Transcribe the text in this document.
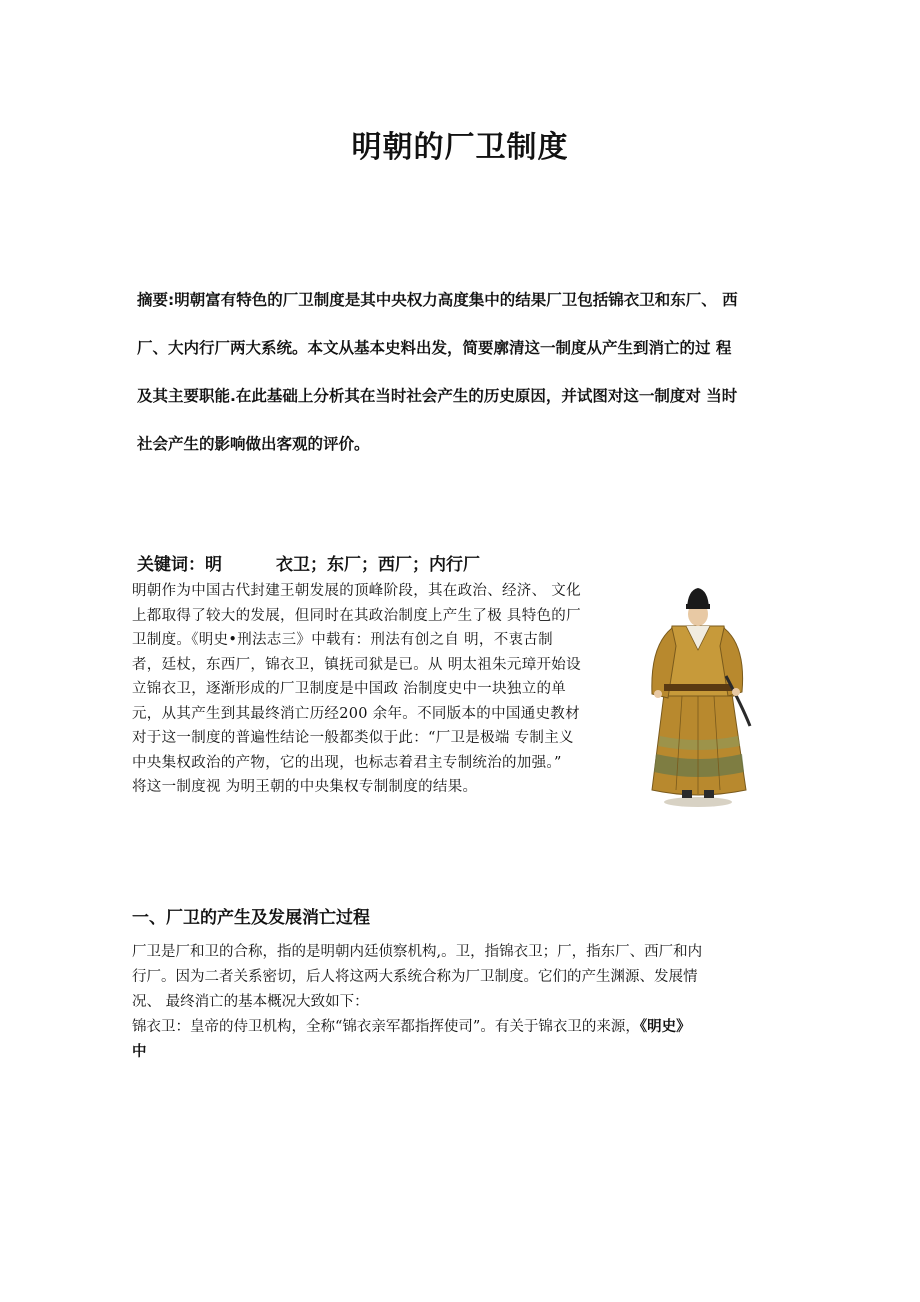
明朝的厂卫制度
摘要:明朝富有特色的厂卫制度是其中央权力高度集中的结果厂卫包括锦衣卫和东厂、 西
厂、大内行厂两大系统。本文从基本史料出发，简要廓清这一制度从产生到消亡的过 程
及其主要职能.在此基础上分析其在当时社会产生的历史原因，并试图对这一制度对 当时
社会产生的影响做出客观的评价。
关键词：明	衣卫；东厂；西厂；内行厂
明朝作为中国古代封建王朝发展的顶峰阶段，其在政治、经济、 文化
上都取得了较大的发展，但同时在其政治制度上产生了极 具特色的厂
卫制度。《明史•刑法志三》中载有：刑法有创之自 明，不衷古制
者，廷杖，东西厂，锦衣卫，镇抚司狱是已。从 明太祖朱元璋开始设
立锦衣卫，逐渐形成的厂卫制度是中国政 治制度史中一块独立的单
元，从其产生到其最终消亡历经200 余年。不同版本的中国通史教材
对于这一制度的普遍性结论一般都类似于此：“厂卫是极端 专制主义
中央集权政治的产物，它的出现，也标志着君主专制统治的加强。”
将这一制度视 为明王朝的中央集权专制制度的结果。
一、厂卫的产生及发展消亡过程
厂卫是厂和卫的合称，指的是明朝内廷侦察机构,。卫，指锦衣卫；厂，指东厂、西厂和内
行厂。因为二者关系密切，后人将这两大系统合称为厂卫制度。它们的产生渊源、发展情
况、 最终消亡的基本概况大致如下：
锦衣卫：皇帝的侍卫机构，全称“锦衣亲军都指挥使司”。有关于锦衣卫的来源，《明史》
中
